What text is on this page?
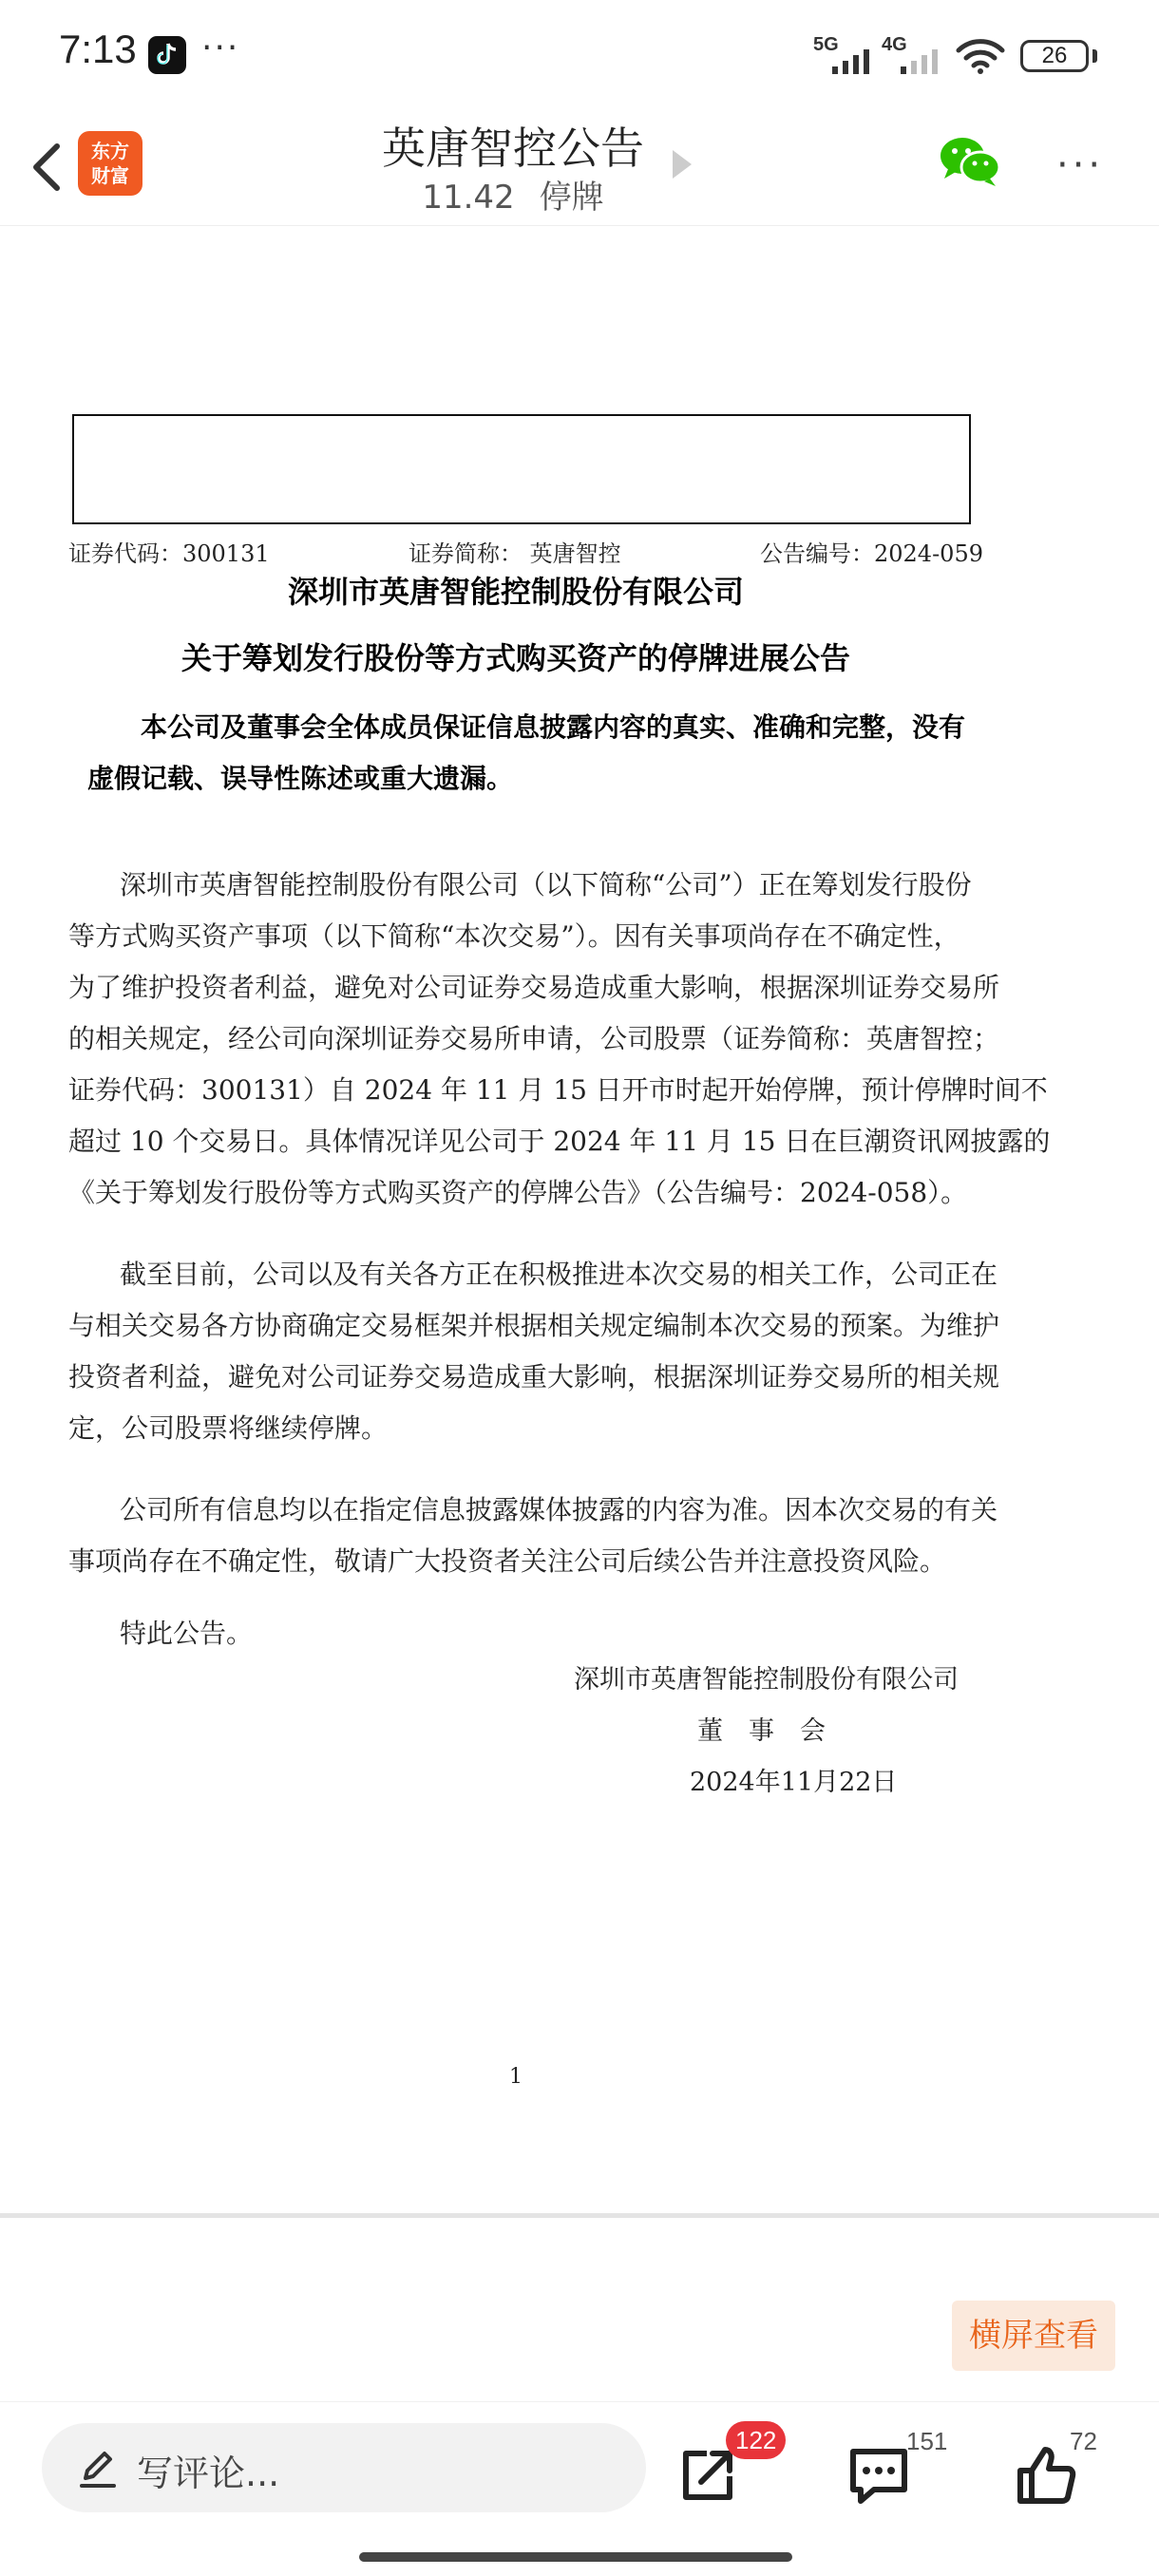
7:13 ···	5G 4G	26
东方
财富
英唐智控公告
11.42 停牌
···
证券代码：300131	证券简称： 英唐智控	公告编号：2024-059
深圳市英唐智能控制股份有限公司
关于筹划发行股份等方式购买资产的停牌进展公告
本公司及董事会全体成员保证信息披露内容的真实、准确和完整，没有
虚假记载、误导性陈述或重大遗漏。
深圳市英唐智能控制股份有限公司（以下简称“公司”）正在筹划发行股份
等方式购买资产事项（以下简称“本次交易”）。因有关事项尚存在不确定性，
为了维护投资者利益，避免对公司证券交易造成重大影响，根据深圳证券交易所
的相关规定，经公司向深圳证券交易所申请，公司股票（证券简称：英唐智控；
证券代码：300131）自 2024 年 11 月 15 日开市时起开始停牌，预计停牌时间不
超过 10 个交易日。具体情况详见公司于 2024 年 11 月 15 日在巨潮资讯网披露的
《关于筹划发行股份等方式购买资产的停牌公告》（公告编号：2024-058）。
截至目前，公司以及有关各方正在积极推进本次交易的相关工作，公司正在
与相关交易各方协商确定交易框架并根据相关规定编制本次交易的预案。为维护
投资者利益，避免对公司证券交易造成重大影响，根据深圳证券交易所的相关规
定，公司股票将继续停牌。
公司所有信息均以在指定信息披露媒体披露的内容为准。因本次交易的有关
事项尚存在不确定性，敬请广大投资者关注公司后续公告并注意投资风险。
特此公告。
深圳市英唐智能控制股份有限公司
董　事　会
2024年11月22日
1
横屏查看
写评论...
122	151	72
